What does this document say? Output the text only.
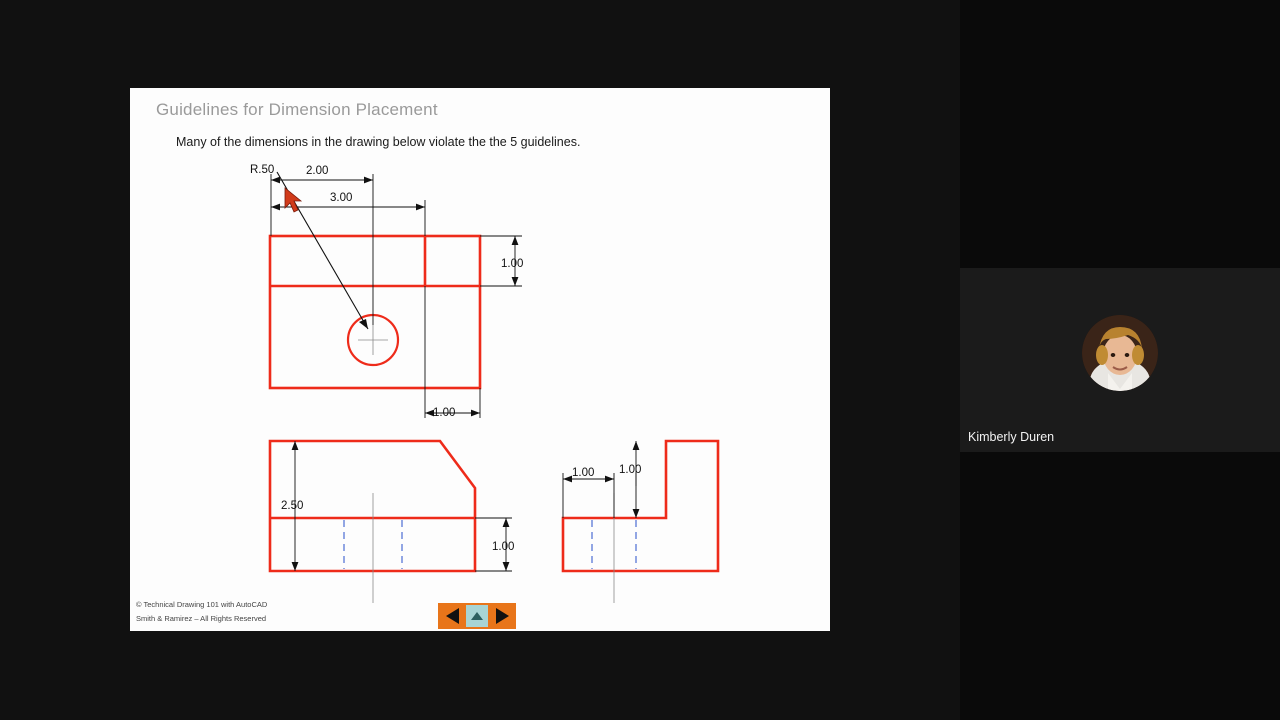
Guidelines for Dimension Placement
Many of the dimensions in the drawing below violate the the 5 guidelines.
R.50	2.00
3.00
1.00
1.00
2.50
1.00
1.00 1.00
© Technical Drawing 101 with AutoCAD
Smith & Ramirez – All Rights Reserved
Kimberly Duren
